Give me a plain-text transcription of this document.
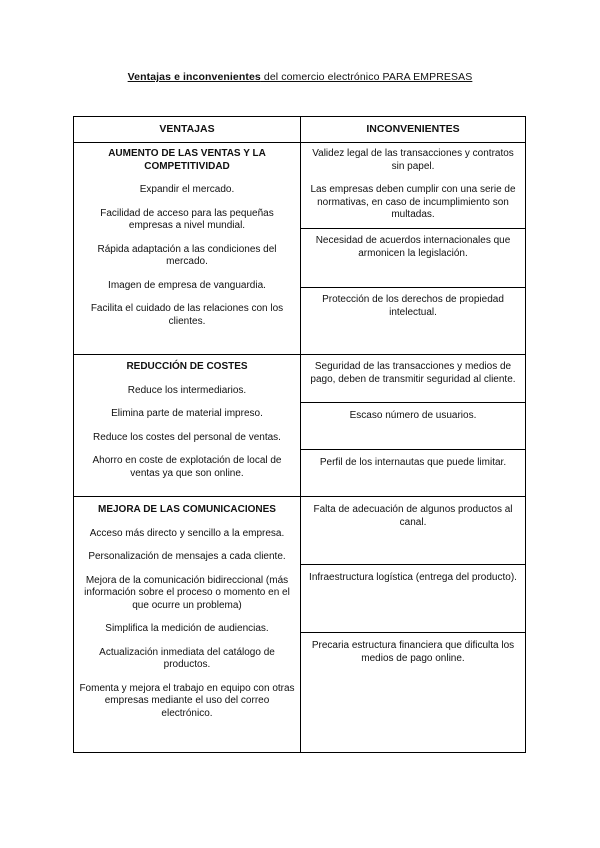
Ventajas e inconvenientes del comercio electrónico PARA EMPRESAS
VENTAJAS	INCONVENIENTES
AUMENTO DE LAS VENTAS Y LA COMPETITIVIDAD
Expandir el mercado.
Facilidad de acceso para las pequeñas empresas a nivel mundial.
Rápida adaptación a las condiciones del mercado.
Imagen de empresa de vanguardia.
Facilita el cuidado de las relaciones con los clientes.
Validez legal de las transacciones y contratos sin papel.
Las empresas deben cumplir con una serie de normativas, en caso de incumplimiento son multadas.
Necesidad de acuerdos internacionales que armonicen la legislación.
Protección de los derechos de propiedad intelectual.
REDUCCIÓN DE COSTES
Reduce los intermediarios.
Elimina parte de material impreso.
Reduce los costes del personal de ventas.
Ahorro en coste de explotación de local de ventas ya que son online.
Seguridad de las transacciones y medios de pago, deben de transmitir seguridad al cliente.
Escaso número de usuarios.
Perfil de los internautas que puede limitar.
MEJORA DE LAS COMUNICACIONES
Acceso más directo y sencillo a la empresa.
Personalización de mensajes a cada cliente.
Mejora de la comunicación bidireccional (más información sobre el proceso o momento en el que ocurre un problema)
Simplifica la medición de audiencias.
Actualización inmediata del catálogo de productos.
Fomenta y mejora el trabajo en equipo con otras empresas mediante el uso del correo electrónico.
Falta de adecuación de algunos productos al canal.
Infraestructura logística (entrega del producto).
Precaria estructura financiera que dificulta los medios de pago online.
